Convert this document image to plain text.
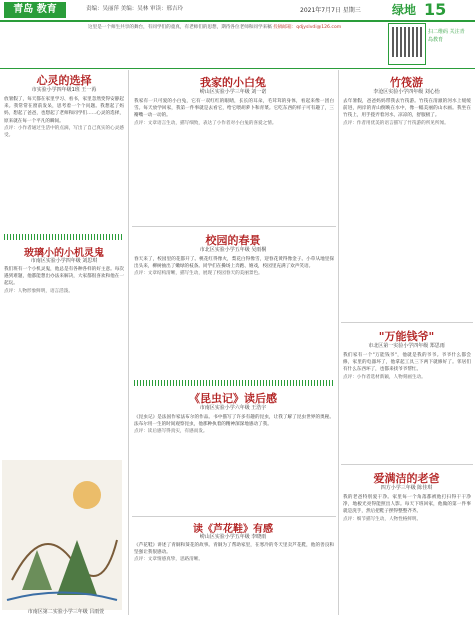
青岛 教育	责编：吴丽萍 美编：吴林 审读：邢吉玲	2021年7月7日 星期三	绿地 15
这里是一个师生共享的舞台，有同学们的童真，有老师们的思想，期待各位老师和同学来稿 投稿邮箱：qdjyslvdi@126.com
扫二维码 关注青岛教育
心灵的选择
市实验小学四年级1班 王一苒
放暑假了，每天都在家里学习、看书，家里忽然变得安静起来。我常常在窗前发呆，思考着一个个问题。我想起了妈妈，想起了爸爸，也想起了老师和同学们……心灵的选择，原来就在每一个平凡的瞬间。
点评：小作者通过生活中的点滴，写出了自己真实的心灵感受。
玻璃小的小机灵鬼
市南区实验小学四年级 刘思琪
我们班有一个小机灵鬼，他总是有各种各样的好主意。每次遇到难题，他都能想出办法来解决，大家都很喜欢和他在一起玩。
点评：人物形象鲜明，语言活泼。
市南区第二实验小学三年级 吕雨萱
我家的小白兔
崂山区实验小学三年级 刘一诺
我家有一只可爱的小白兔，它有一双红红的眼睛，长长的耳朵，毛茸茸的身体，看起来像一团白雪。每天放学回家，我第一件事就是去看它，给它喂胡萝卜和青菜。它吃东西的样子可有趣了，三瓣嘴一动一动的。
点评：文章语言生动，描写细致，表达了小作者对小白兔的喜爱之情。
校园的春景
市北区实验小学五年级 吴雨桐
春天来了，校园里的花都开了。桃花红得像火，梨花白得像雪，迎春花黄得像金子。小草从地里探出头来，柳树抽出了嫩绿的枝条。同学们在操场上奔跑、嬉戏，校园里充满了欢声笑语。
点评：文章结构清晰，描写生动，展现了校园春天的美丽景色。
《昆虫记》读后感
市南区实验小学六年级 王浩宇
《昆虫记》是法国作家法布尔的作品。书中描写了许多有趣的昆虫，让我了解了昆虫世界的奥秘。法布尔用一生的时间观察昆虫，他那种执着的精神深深地感动了我。
点评：读后感写得真实，有感而发。
读《芦花鞋》有感
崂山区实验小学五年级 李晓雨
《芦花鞋》讲述了青铜和葵花的故事。青铜为了帮助家里，在寒冷的冬天里卖芦花鞋，他的善良和坚强让我很感动。
点评：文章情感真挚，思路清晰。
竹筏游
李沧区实验小学四年级 刘心怡
去年暑假，爸爸妈妈带我去竹筏游。竹筏在清澈的河水上缓缓前进，两岸的青山倒映在水中，像一幅美丽的山水画。我坐在竹筏上，用手拨弄着河水，凉凉的，舒服极了。
点评：作者用优美的语言描写了竹筏游的所见所闻。
"万能钱爷"
市北区第一实验小学四年级 郑思雨
我们家有一个"万能钱爷"，他就是我的爷爷。爷爷什么都会修，家里的电器坏了，他拿起工具三下两下就修好了。邻居们有什么东西坏了，也都来找爷爷帮忙。
点评：小作者选材新颖，人物刻画生动。
爱满洁的老爸
四方小学三年级 陈佳琪
我的老爸特别爱干净。家里每一个角落都被他打扫得干干净净，地板光亮得能照出人影。每天下班回家，他做的第一件事就是洗手，然后把鞋子摆得整整齐齐。
点评：细节描写生动，人物性格鲜明。
